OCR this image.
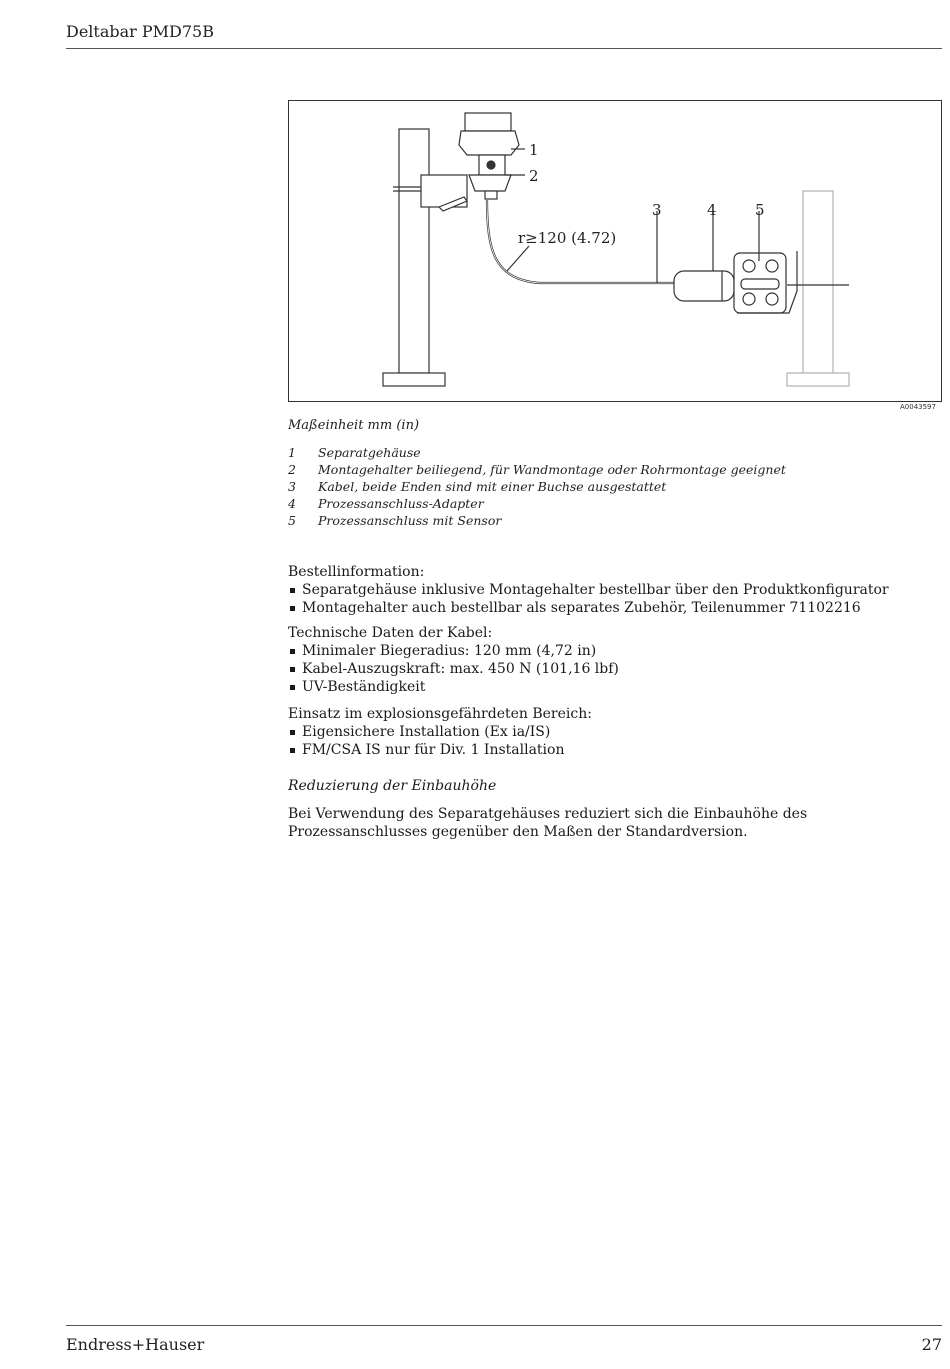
Deltabar PMD75B
1
2
3	4	5
r≥120 (4.72)
A0043597
Maßeinheit mm (in)
1	Separatgehäuse
2	Montagehalter beiliegend, für Wandmontage oder Rohrmontage geeignet
3	Kabel, beide Enden sind mit einer Buchse ausgestattet
4	Prozessanschluss-Adapter
5	Prozessanschluss mit Sensor
Bestellinformation:
Separatgehäuse inklusive Montagehalter bestellbar über den Produktkonfigurator
Montagehalter auch bestellbar als separates Zubehör, Teilenummer 71102216
Technische Daten der Kabel:
Minimaler Biegeradius: 120 mm (4,72 in)
Kabel-Auszugskraft: max. 450 N (101,16 lbf)
UV-Beständigkeit
Einsatz im explosionsgefährdeten Bereich:
Eigensichere Installation (Ex ia/IS)
FM/CSA IS nur für Div. 1 Installation
Reduzierung der Einbauhöhe
Bei Verwendung des Separatgehäuses reduziert sich die Einbauhöhe des Prozessanschlusses gegenüber den Maßen der Standardversion.
Endress+Hauser	27
